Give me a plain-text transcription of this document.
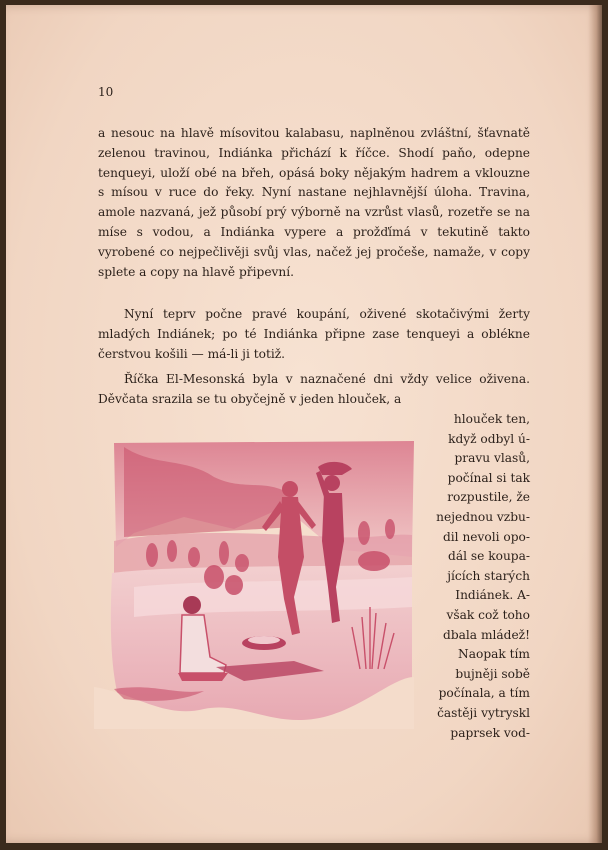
10

a nesouc na hlavě mísovitou kalabasu, naplněnou zvláštní, šťavnatě zelenou travinou, Indiánka přichází k říčce. Shodí paňo, odepne tenqueyi, uloží obé na břeh, opásá boky nějakým hadrem a vklouzne s mísou v ruce do řeky. Nyní nastane nejhlavnější úloha. Travina, amole nazvaná, jež působí prý výborně na vzrůst vlasů, rozetře se na míse s vodou, a Indiánka vypere a prožďímá v tekutině takto vyrobené co nejpečlivěji svůj vlas, načež jej pročeše, namaže, v copy splete a copy na hlavě připevní.

Nyní teprv počne pravé koupání, oživené skotačivými žerty mladých Indiánek; po té Indiánka připne zase tenqueyi a oblékne čerstvou košili — má-li ji totiž.

Říčka El-Mesonská byla v naznačené dni vždy velice oživena. Děvčata srazila se tu obyčejně v jeden hlouček, a

hlouček ten,
když odbyl ú-
pravu vlasů,
počínal si tak
rozpustile, že
nejednou vzbu-
dil nevoli opo-
dál se koupa-
jících starých
Indiánek. A-
však což toho
dbala mládež!
Naopak tím
bujněji sobě
počínala, a tím
častěji vytryskl
paprsek vod-
